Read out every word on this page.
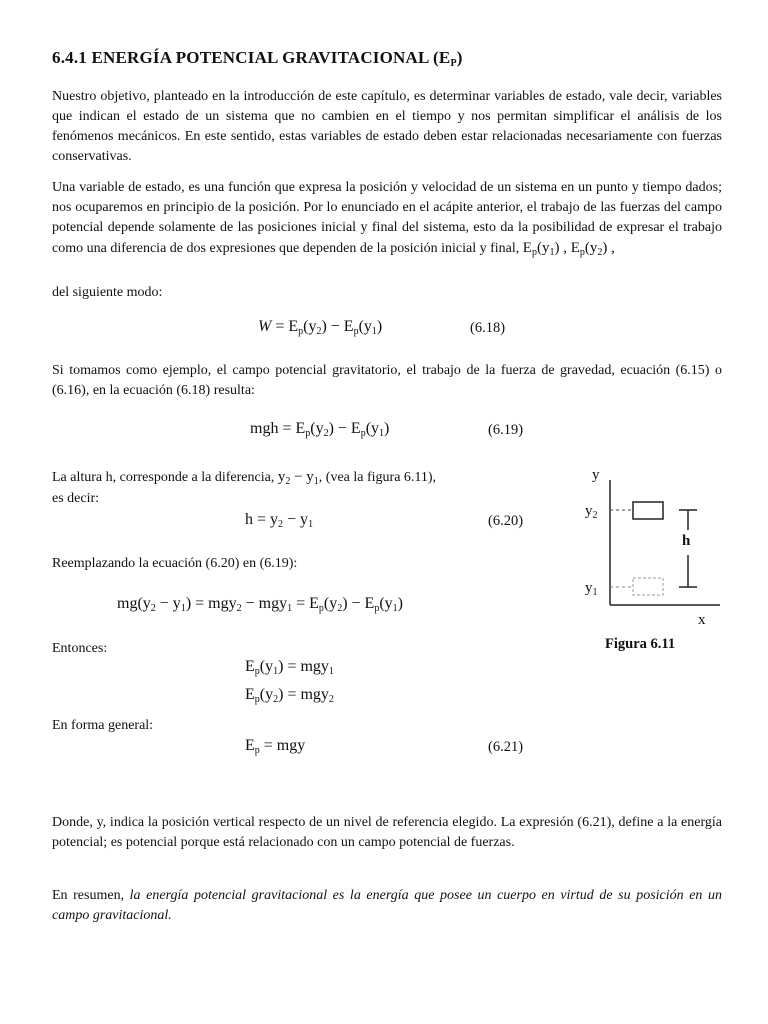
6.4.1 ENERGÍA POTENCIAL GRAVITACIONAL $(E_P)$
Nuestro objetivo, planteado en la introducción de este capítulo, es determinar variables de estado, vale decir, variables que indican el estado de un sistema que no cambien en el tiempo y nos permitan simplificar el análisis de los fenómenos mecánicos. En este sentido, estas variables de estado deben estar relacionadas necesariamente con fuerzas conservativas.
Una variable de estado, es una función que expresa la posición y velocidad de un sistema en un punto y tiempo dados; nos ocuparemos en principio de la posición. Por lo enunciado en el acápite anterior, el trabajo de las fuerzas del campo potencial depende solamente de las posiciones inicial y final del sistema, esto da la posibilidad de expresar el trabajo como una diferencia de dos expresiones que dependen de la posición inicial y final, $E_p(y_1)$ , $E_p(y_2)$ ,
del siguiente modo:
$W = E_p(y_2) - E_p(y_1)$	(6.18)
Si tomamos como ejemplo, el campo potencial gravitatorio, el trabajo de la fuerza de gravedad, ecuación (6.15) o (6.16), en la ecuación (6.18) resulta:
mgh = $E_p(y_2) - E_p(y_1)$	(6.19)
La altura h, corresponde a la diferencia, $y_2 - y_1$, (vea la figura 6.11),
es decir:
$h = y_2 - y_1$	(6.20)
Reemplazando la ecuación (6.20) en (6.19):
$mg(y_2 - y_1) = mgy_2 - mgy_1 = E_p(y_2) - E_p(y_1)$
Entonces:
$E_p(y_1) = mgy_1$
$E_p(y_2) = mgy_2$
En forma general:
$E_p$ = mgy	(6.21)
Donde, y, indica la posición vertical respecto de un nivel de referencia elegido. La expresión (6.21), define a la energía potencial; es potencial porque está relacionado con un campo potencial de fuerzas.
En resumen, la energía potencial gravitacional es la energía que posee un cuerpo en virtud de su posición en un campo gravitacional.
y
x
$y_2$
$y_1$
h
Figura 6.11
